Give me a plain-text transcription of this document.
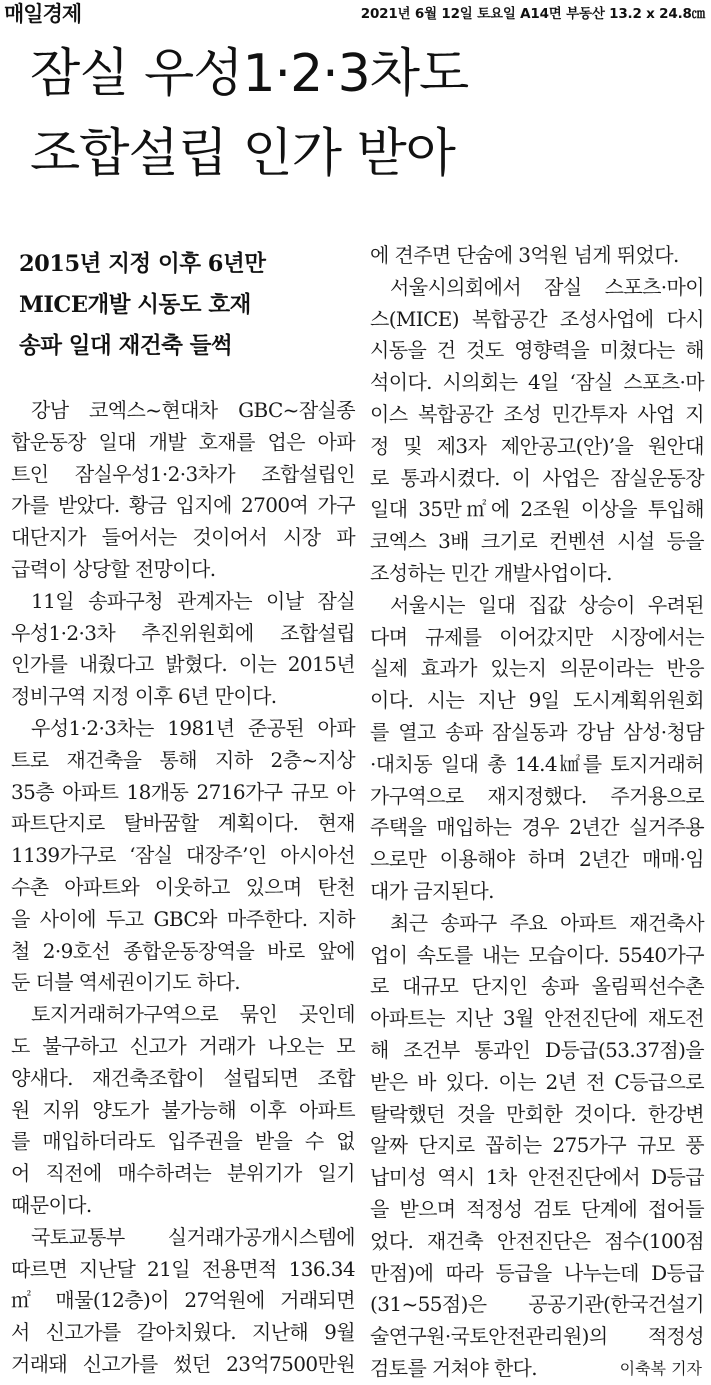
매일경제	2021년 6월 12일 토요일 A14면 부동산 13.2 x 24.8㎝
잠실 우성1·2·3차도
조합설립 인가 받아
2015년 지정 이후 6년만
MICE개발 시동도 호재
송파 일대 재건축 들썩
강남 코엑스~현대차 GBC~잠실종
합운동장 일대 개발 호재를 업은 아파
트인 잠실우성1·2·3차가 조합설립인
가를 받았다. 황금 입지에 2700여 가구
대단지가 들어서는 것이어서 시장 파
급력이 상당할 전망이다.
11일 송파구청 관계자는 이날 잠실
우성1·2·3차 추진위원회에 조합설립
인가를 내줬다고 밝혔다. 이는 2015년
정비구역 지정 이후 6년 만이다.
우성1·2·3차는 1981년 준공된 아파
트로 재건축을 통해 지하 2층~지상
35층 아파트 18개동 2716가구 규모 아
파트단지로 탈바꿈할 계획이다. 현재
1139가구로 ‘잠실 대장주’인 아시아선
수촌 아파트와 이웃하고 있으며 탄천
을 사이에 두고 GBC와 마주한다. 지하
철 2·9호선 종합운동장역을 바로 앞에
둔 더블 역세권이기도 하다.
토지거래허가구역으로 묶인 곳인데
도 불구하고 신고가 거래가 나오는 모
양새다. 재건축조합이 설립되면 조합
원 지위 양도가 불가능해 이후 아파트
를 매입하더라도 입주권을 받을 수 없
어 직전에 매수하려는 분위기가 일기
때문이다.
국토교통부 실거래가공개시스템에
따르면 지난달 21일 전용면적 136.34
㎡ 매물(12층)이 27억원에 거래되면
서 신고가를 갈아치웠다. 지난해 9월
거래돼 신고가를 썼던 23억7500만원
에 견주면 단숨에 3억원 넘게 뛰었다.
서울시의회에서 잠실 스포츠·마이
스(MICE) 복합공간 조성사업에 다시
시동을 건 것도 영향력을 미쳤다는 해
석이다. 시의회는 4일 ‘잠실 스포츠·마
이스 복합공간 조성 민간투자 사업 지
정 및 제3자 제안공고(안)’을 원안대
로 통과시켰다. 이 사업은 잠실운동장
일대 35만㎡에 2조원 이상을 투입해
코엑스 3배 크기로 컨벤션 시설 등을
조성하는 민간 개발사업이다.
서울시는 일대 집값 상승이 우려된
다며 규제를 이어갔지만 시장에서는
실제 효과가 있는지 의문이라는 반응
이다. 시는 지난 9일 도시계획위원회
를 열고 송파 잠실동과 강남 삼성·청담
·대치동 일대 총 14.4㎢를 토지거래허
가구역으로 재지정했다. 주거용으로
주택을 매입하는 경우 2년간 실거주용
으로만 이용해야 하며 2년간 매매·임
대가 금지된다.
최근 송파구 주요 아파트 재건축사
업이 속도를 내는 모습이다. 5540가구
로 대규모 단지인 송파 올림픽선수촌
아파트는 지난 3월 안전진단에 재도전
해 조건부 통과인 D등급(53.37점)을
받은 바 있다. 이는 2년 전 C등급으로
탈락했던 것을 만회한 것이다. 한강변
알짜 단지로 꼽히는 275가구 규모 풍
납미성 역시 1차 안전진단에서 D등급
을 받으며 적정성 검토 단계에 접어들
었다. 재건축 안전진단은 점수(100점
만점)에 따라 등급을 나누는데 D등급
(31~55점)은 공공기관(한국건설기
술연구원·국토안전관리원)의 적정성
검토를 거쳐야 한다.	이축복 기자
